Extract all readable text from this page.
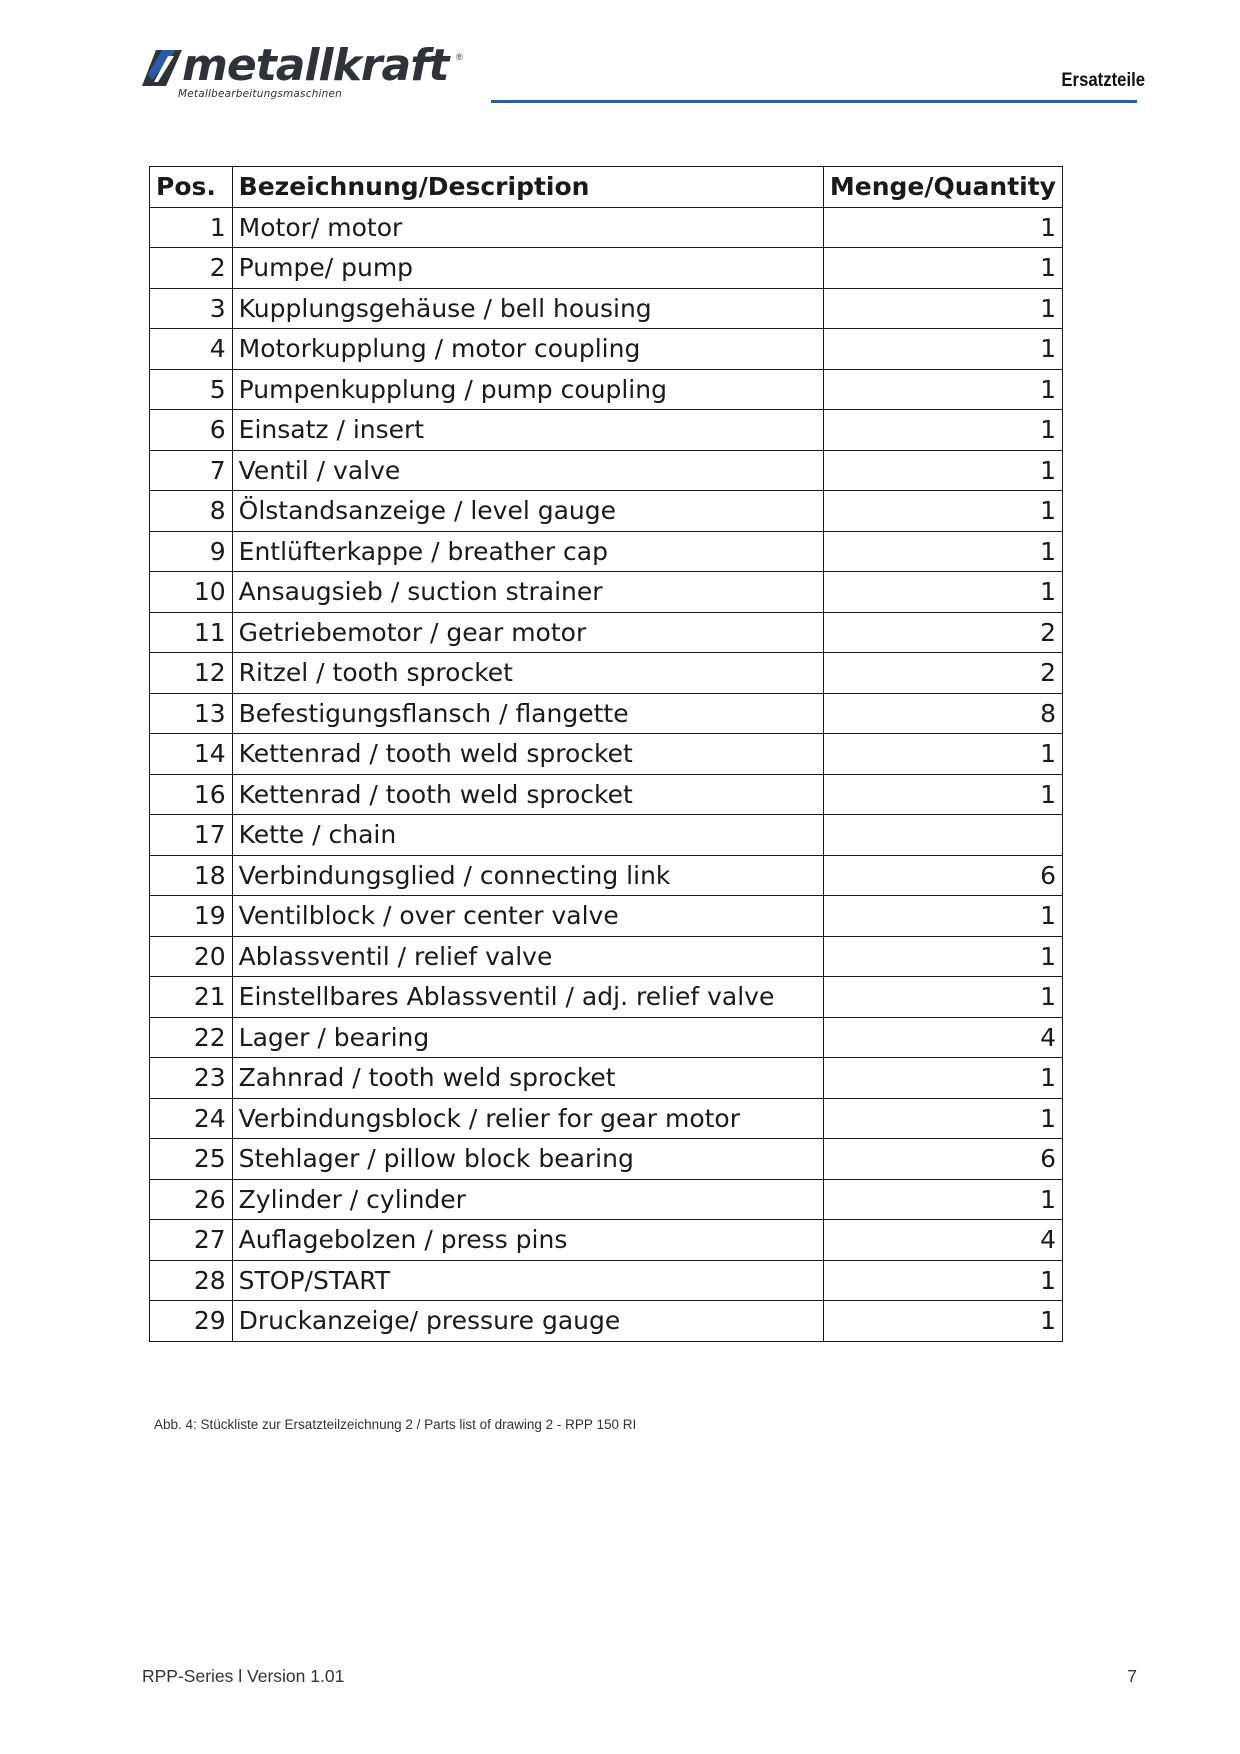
metallkraft ®
Metallbearbeitungsmaschinen
Ersatzteile
Pos.	Bezeichnung/Description	Menge/Quantity
1	Motor/ motor	1
2	Pumpe/ pump	1
3	Kupplungsgehäuse / bell housing	1
4	Motorkupplung / motor coupling	1
5	Pumpenkupplung / pump coupling	1
6	Einsatz / insert	1
7	Ventil / valve	1
8	Ölstandsanzeige / level gauge	1
9	Entlüfterkappe / breather cap	1
10	Ansaugsieb / suction strainer	1
11	Getriebemotor / gear motor	2
12	Ritzel / tooth sprocket	2
13	Befestigungsflansch / flangette	8
14	Kettenrad / tooth weld sprocket	1
16	Kettenrad / tooth weld sprocket	1
17	Kette / chain	
18	Verbindungsglied / connecting link	6
19	Ventilblock / over center valve	1
20	Ablassventil / relief valve	1
21	Einstellbares Ablassventil / adj. relief valve	1
22	Lager / bearing	4
23	Zahnrad / tooth weld sprocket	1
24	Verbindungsblock / relier for gear motor	1
25	Stehlager / pillow block bearing	6
26	Zylinder / cylinder	1
27	Auflagebolzen / press pins	4
28	STOP/START	1
29	Druckanzeige/ pressure gauge	1
Abb. 4: Stückliste zur Ersatzteilzeichnung 2 / Parts list of drawing 2 - RPP 150 RI
RPP-Series l Version 1.01	7
